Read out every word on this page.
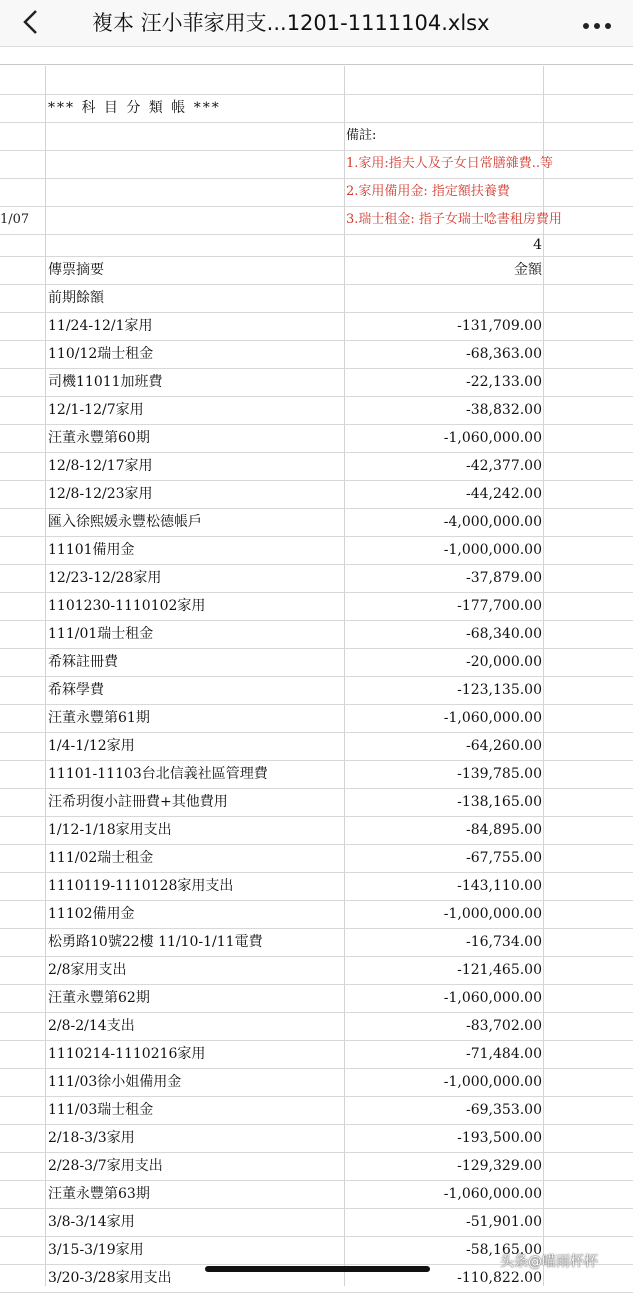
複本 汪小菲家用支...1201-1111104.xlsx
*** 科 目 分 類 帳 ***
備註:
1.家用:指夫人及子女日常膳雜費..等
2.家用備用金: 指定額扶養費
1/07	3.瑞士租金: 指子女瑞士唸書租房費用
4
傳票摘要	金額
前期餘額
11/24-12/1家用	-131,709.00
110/12瑞士租金	-68,363.00
司機11011加班費	-22,133.00
12/1-12/7家用	-38,832.00
汪董永豐第60期	-1,060,000.00
12/8-12/17家用	-42,377.00
12/8-12/23家用	-44,242.00
匯入徐熙媛永豐松德帳戶	-4,000,000.00
11101備用金	-1,000,000.00
12/23-12/28家用	-37,879.00
1101230-1110102家用	-177,700.00
111/01瑞士租金	-68,340.00
希箖註冊費	-20,000.00
希箖學費	-123,135.00
汪董永豐第61期	-1,060,000.00
1/4-1/12家用	-64,260.00
11101-11103台北信義社區管理費	-139,785.00
汪希玥復小註冊費+其他費用	-138,165.00
1/12-1/18家用支出	-84,895.00
111/02瑞士租金	-67,755.00
1110119-1110128家用支出	-143,110.00
11102備用金	-1,000,000.00
松勇路10號22樓 11/10-1/11電費	-16,734.00
2/8家用支出	-121,465.00
汪董永豐第62期	-1,060,000.00
2/8-2/14支出	-83,702.00
1110214-1110216家用	-71,484.00
111/03徐小姐備用金	-1,000,000.00
111/03瑞士租金	-69,353.00
2/18-3/3家用	-193,500.00
2/28-3/7家用支出	-129,329.00
汪董永豐第63期	-1,060,000.00
3/8-3/14家用	-51,901.00
3/15-3/19家用	-58,165.00
3/20-3/28家用支出	-110,822.00
头条@喵雨杯杯
